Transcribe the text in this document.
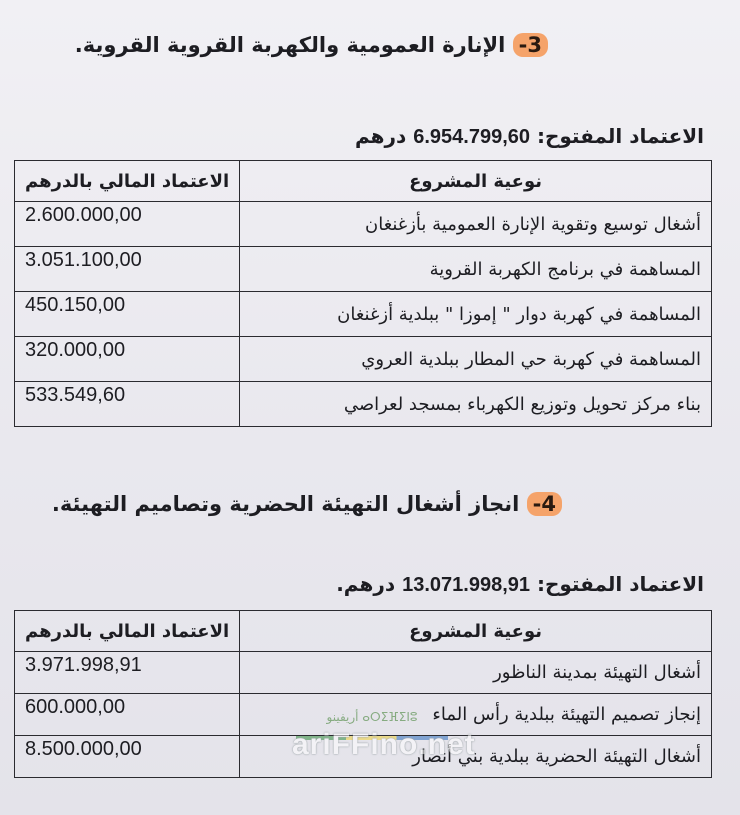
3- الإنارة العمومية والكهربة القروية القروية.
الاعتماد المفتوح: 6.954.799,60 درهم
نوعية المشروع	الاعتماد المالي بالدرهم
أشغال توسيع وتقوية الإنارة العمومية بأزغنغان	2.600.000,00
المساهمة في برنامج الكهربة القروية	3.051.100,00
المساهمة في كهربة دوار " إموزا " ببلدية أزغنغان	450.150,00
المساهمة في كهربة حي المطار ببلدية العروي	320.000,00
بناء مركز تحويل وتوزيع الكهرباء بمسجد لعراصي	533.549,60
4- انجاز أشغال التهيئة الحضرية وتصاميم التهيئة.
الاعتماد المفتوح: 13.071.998,91 درهم.
نوعية المشروع	الاعتماد المالي بالدرهم
أشغال التهيئة بمدينة الناظور	3.971.998,91
إنجاز تصميم التهيئة ببلدية رأس الماء	600.000,00
أشغال التهيئة الحضرية ببلدية بني أنصار	8.500.000,00
ⴰⵔⵉⴼⵉⵏⵓ أريفينو
ariFFino.net
